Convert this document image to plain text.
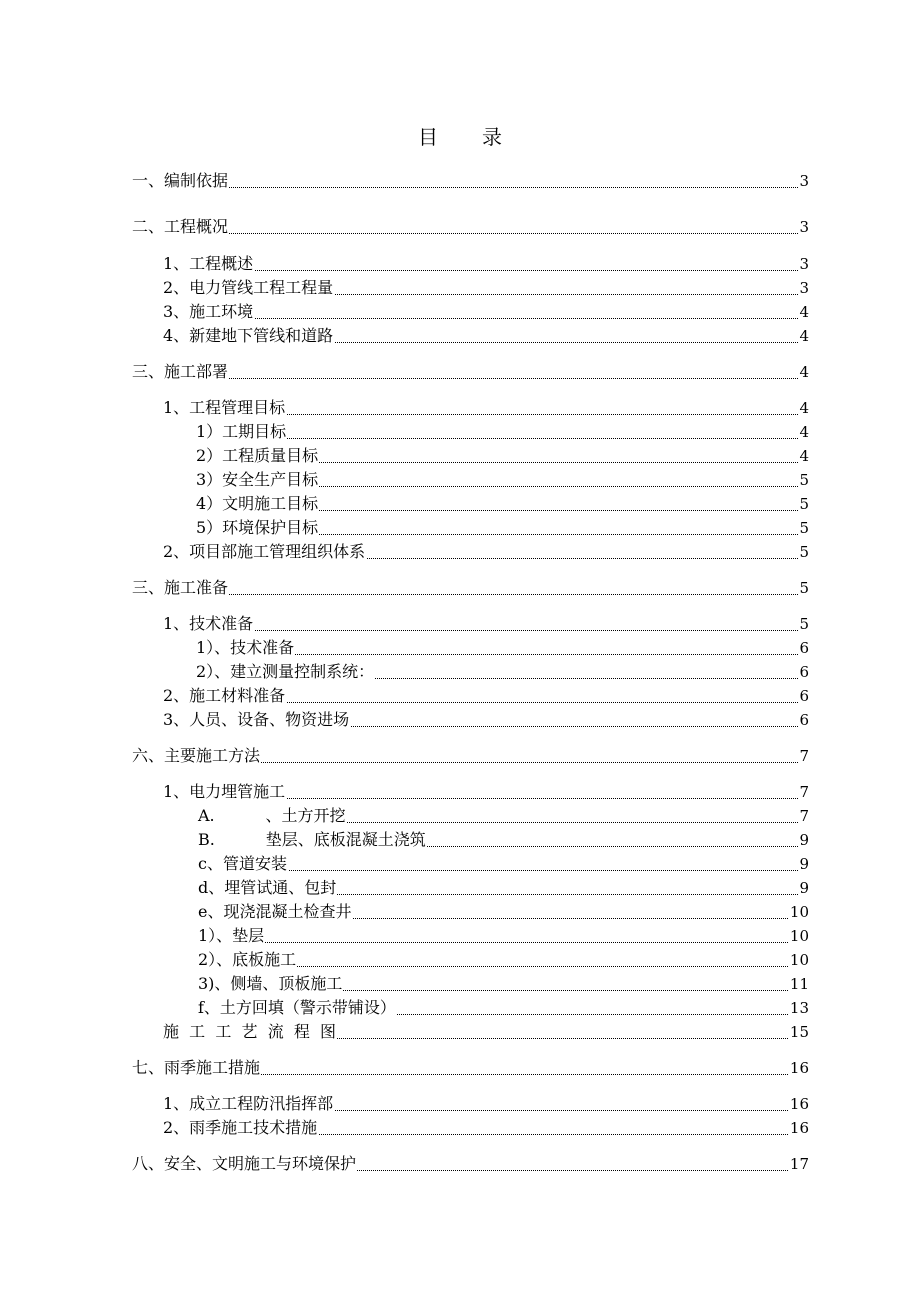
目 录
一、编制依据	3
二、工程概况	3
1、工程概述	3
2、电力管线工程工程量	3
3、施工环境	4
4、新建地下管线和道路	4
三、施工部署	4
1、工程管理目标	4
1）工期目标	4
2）工程质量目标	4
3）安全生产目标	5
4）文明施工目标	5
5）环境保护目标	5
2、项目部施工管理组织体系	5
三、施工准备	5
1、技术准备	5
1）、技术准备	6
2）、建立测量控制系统：	6
2、施工材料准备	6
3、人员、设备、物资进场	6
六、主要施工方法	7
1、电力埋管施工	7
A.          、土方开挖	7
B.          垫层、底板混凝土浇筑	9
c、管道安装	9
d、埋管试通、包封	9
e、现浇混凝土检查井	10
1）、垫层	10
2）、底板施工	10
3)、侧墙、顶板施工	11
f、土方回填（警示带铺设）	13
施  工  工  艺  流  程  图	15
七、雨季施工措施	16
1、成立工程防汛指挥部	16
2、雨季施工技术措施	16
八、安全、文明施工与环境保护	17
